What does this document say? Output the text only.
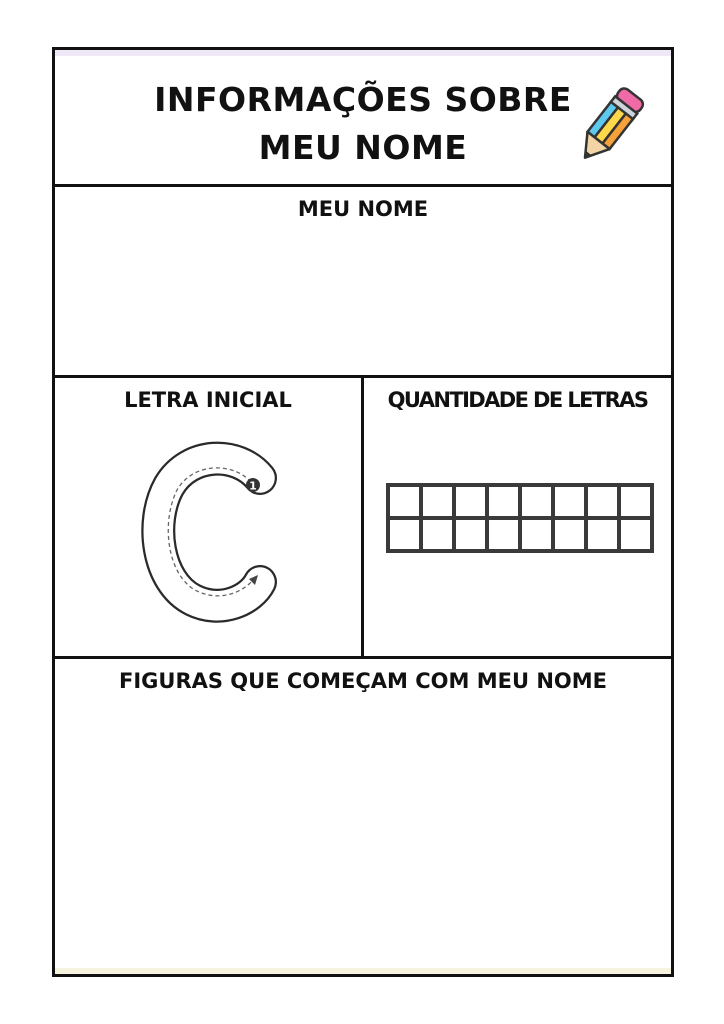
INFORMAÇÕES SOBRE
MEU NOME
MEU NOME
LETRA INICIAL
1
QUANTIDADE DE LETRAS
FIGURAS QUE COMEÇAM COM MEU NOME
